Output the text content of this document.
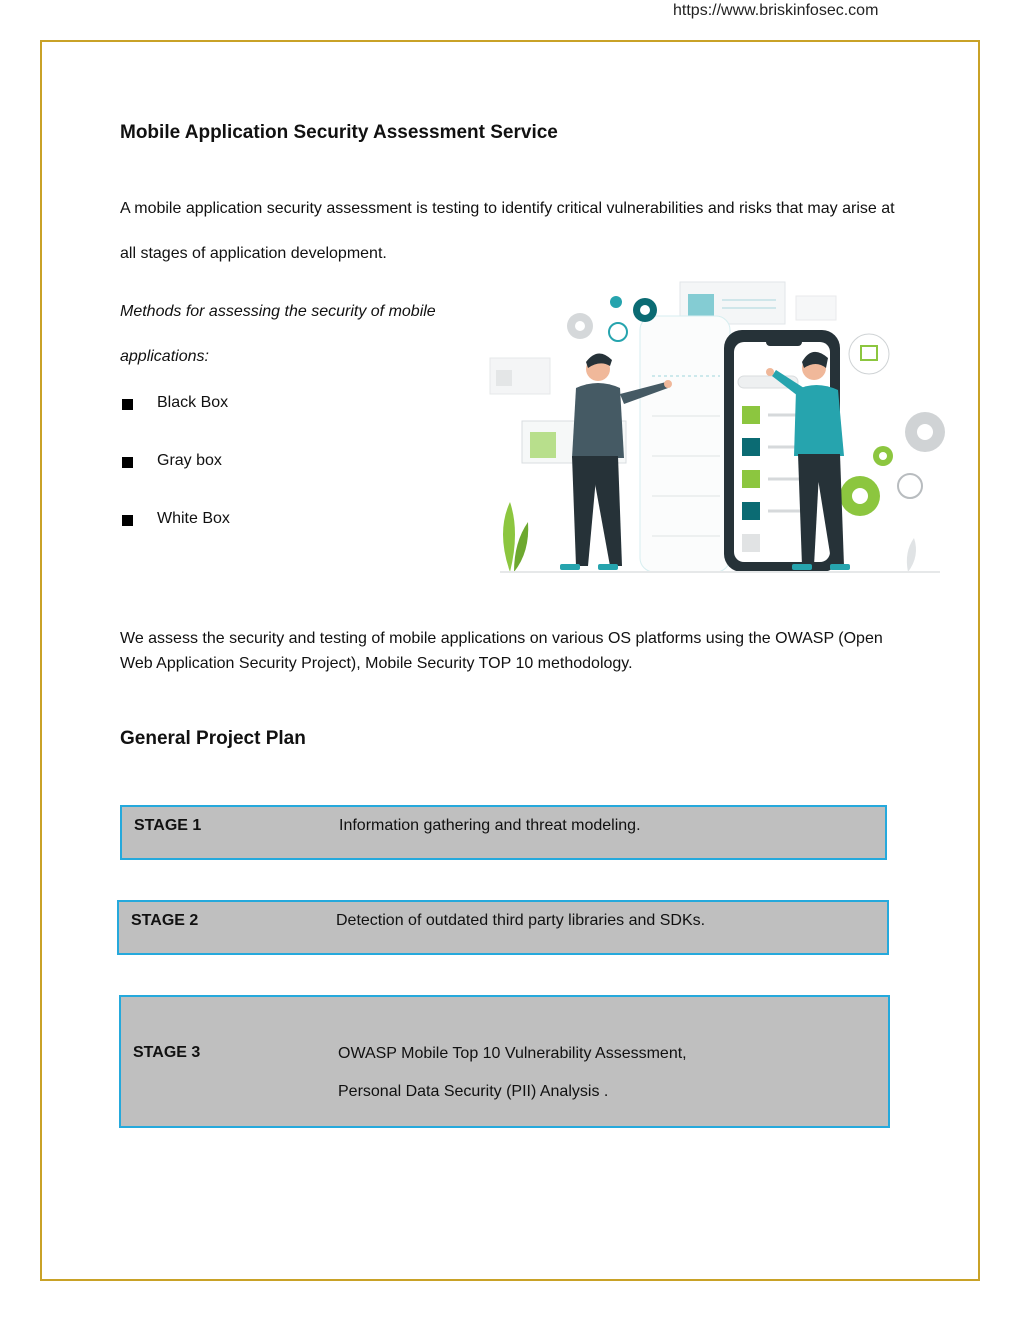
https://www.briskinfosec.com
Mobile Application Security Assessment Service

A mobile application security assessment is testing to identify critical vulnerabilities and risks that may arise at all stages of application development.

Methods for assessing the security of mobile applications:

Black Box
Gray box
White Box

We assess the security and testing of mobile applications on various OS platforms using the OWASP (Open Web Application Security Project), Mobile Security TOP 10 methodology.

General Project Plan
STAGE 1	Information gathering and threat modeling.
STAGE 2	Detection of outdated third party libraries and SDKs.
STAGE 3	OWASP Mobile Top 10 Vulnerability Assessment,
Personal Data Security (PII) Analysis .
